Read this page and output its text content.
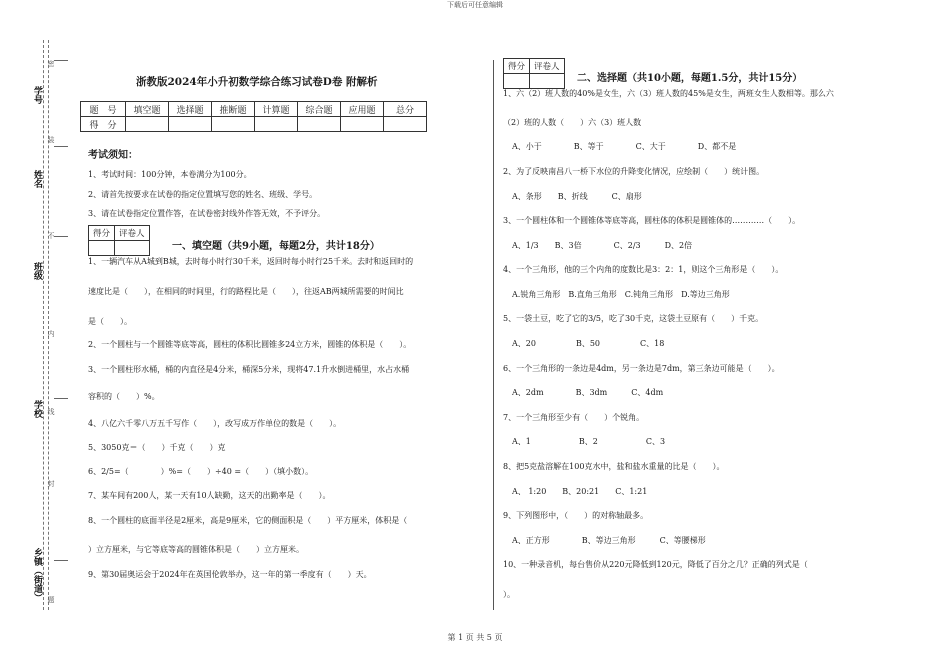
下载后可任意编辑
第 1 页 共 5 页
学号
姓名
班级
学校
乡镇（街道）
密
装
不
内
线
封
题
浙教版2024年小升初数学综合练习试卷D卷 附解析
题　号	填空题	选择题	推断题	计算题	综合题	应用题	总分
得　分							
考试须知：
1、考试时间：100分钟，本卷满分为100分。
2、请首先按要求在试卷的指定位置填写您的姓名、班级、学号。
3、请在试卷指定位置作答，在试卷密封线外作答无效，不予评分。
得分	评卷人

一、填空题（共9小题，每题2分，共计18分）
1、一辆汽车从A城到B城，去时每小时行30千米，返回时每小时行25千米。去时和返回时的
速度比是（　　），在相同的时间里，行的路程比是（　　），往返AB两城所需要的时间比
是（　　）。
2、一个圆柱与一个圆锥等底等高，圆柱的体积比圆锥多24立方米，圆锥的体积是（　　）。
3、一个圆柱形水桶，桶的内直径是4分米，桶深5分米，现将47.1升水倒进桶里，水占水桶
容积的（　　）%。
4、八亿六千零八万五千写作（　　），改写成万作单位的数是（　　）。
5、3050克＝（　　）千克（　　）克
6、2/5=（　　　　）%=（　　）÷40 =（　　）（填小数）。
7、某车间有200人，某一天有10人缺勤，这天的出勤率是（　　）。
8、一个圆柱的底面半径是2厘米，高是9厘米，它的侧面积是（　　）平方厘米，体积是（
）立方厘米，与它等底等高的圆锥体积是（　　）立方厘米。
9、第30届奥运会于2024年在英国伦敦举办，这一年的第一季度有（　　）天。
得分	评卷人

二、选择题（共10小题，每题1.5分，共计15分）
1、六（2）班人数的40%是女生，六（3）班人数的45%是女生，两班女生人数相等。那么六
（2）班的人数（　　）六（3）班人数
A、小于　　　　B、等于　　　　C、大于　　　　D、都不是
2、为了反映南昌八一桥下水位的升降变化情况，应绘制（　　）统计图。
A、条形　　B、折线　　　C、扇形
3、一个圆柱体和一个圆锥体等底等高，圆柱体的体积是圆锥体的…………（　　）。
A、1/3　　B、3倍　　　　C、2/3　　　D、2倍
4、一个三角形，他的三个内角的度数比是3：2：1，则这个三角形是（　　）。
A.锐角三角形　B.直角三角形　C.钝角三角形　D.等边三角形
5、一袋土豆，吃了它的3/5，吃了30千克，这袋土豆原有（　　）千克。
A、20　　　　　B、50　　　　　C、18
6、一个三角形的一条边是4dm，另一条边是7dm，第三条边可能是（　　）。
A、2dm　　　　B、3dm　　　C、4dm
7、一个三角形至少有（　　）个锐角。
A、1　　　　　　B、2　　　　　　C、3
8、把5克盐溶解在100克水中，盐和盐水重量的比是（　　）。
A、 1:20　　B、20:21　　C、1:21
9、下列图形中，（　　）的对称轴最多。
A、正方形　　　　B、等边三角形　　　C、等腰梯形
10、一种录音机，每台售价从220元降低到120元，降低了百分之几？正确的列式是（
）。
